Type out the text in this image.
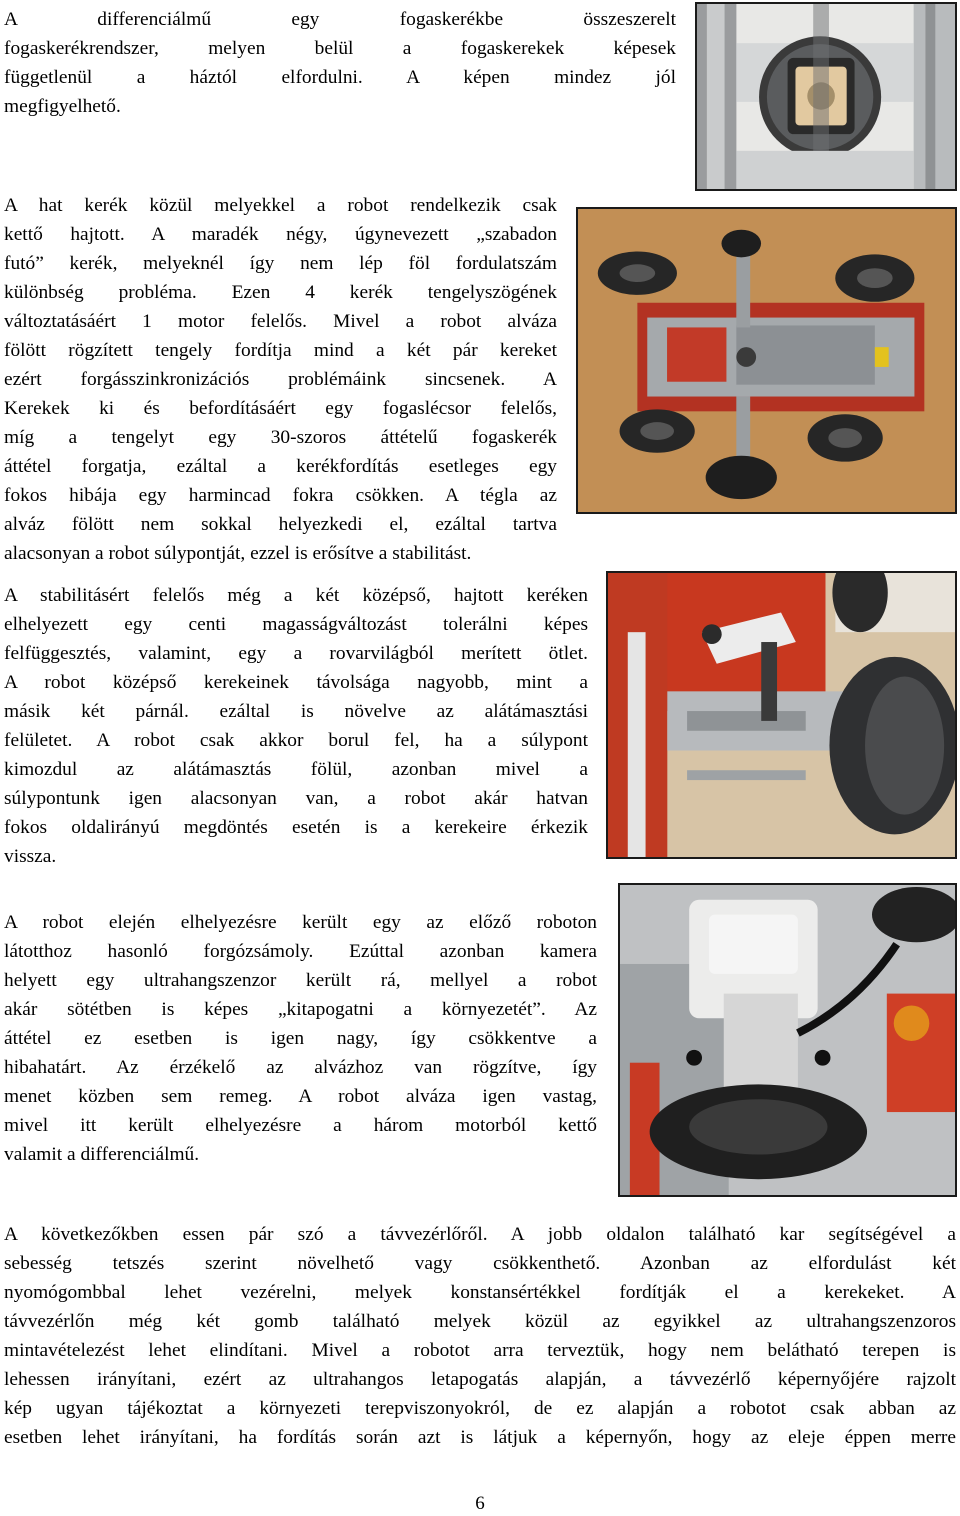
A differenciálmű egy fogaskerékbe összeszerelt
fogaskerékrendszer, melyen belül a fogaskerekek képesek
függetlenül a háztól elfordulni. A képen mindez jól
megfigyelhető.
A hat kerék közül melyekkel a robot rendelkezik csak
kettő hajtott. A maradék négy, úgynevezett „szabadon
futó” kerék, melyeknél így nem lép föl fordulatszám
különbség probléma. Ezen 4 kerék tengelyszögének
változtatásáért 1 motor felelős. Mivel a robot alváza
fölött rögzített tengely fordítja mind a két pár kereket
ezért forgásszinkronizációs problémáink sincsenek. A
Kerekek ki és befordításáért egy fogaslécsor felelős,
míg a tengelyt egy 30-szoros áttételű fogaskerék
áttétel forgatja, ezáltal a kerékfordítás esetleges egy
fokos hibája egy harmincad fokra csökken. A tégla az
alváz fölött nem sokkal helyezkedi el, ezáltal tartva
alacsonyan a robot súlypontját, ezzel is erősítve a stabilitást.
A stabilitásért felelős még a két középső, hajtott keréken
elhelyezett egy centi magasságváltozást tolerálni képes
felfüggesztés, valamint, egy a rovarvilágból merített ötlet.
A robot középső kerekeinek távolsága nagyobb, mint a
másik két párnál. ezáltal is növelve az alátámasztási
felületet. A robot csak akkor borul fel, ha a súlypont
kimozdul az alátámasztás fölül, azonban mivel a
súlypontunk igen alacsonyan van, a robot akár hatvan
fokos oldalirányú megdöntés esetén is a kerekeire érkezik
vissza.
A robot elején elhelyezésre került egy az előző roboton
látotthoz hasonló forgózsámoly. Ezúttal azonban kamera
helyett egy ultrahangszenzor került rá, mellyel a robot
akár sötétben is képes „kitapogatni a környezetét”. Az
áttétel ez esetben is igen nagy, így csökkentve a
hibahatárt. Az érzékelő az alvázhoz van rögzítve, így
menet közben sem remeg. A robot alváza igen vastag,
mivel itt került elhelyezésre a három motorból kettő
valamit a differenciálmű.
A következőkben essen pár szó a távvezérlőről. A jobb oldalon található kar segítségével a
sebesség tetszés szerint növelhető vagy csökkenthető. Azonban az elfordulást két
nyomógombbal lehet vezérelni, melyek konstansértékkel fordítják el a kerekeket. A
távvezérlőn még két gomb található melyek közül az egyikkel az ultrahangszenzoros
mintavételezést lehet elindítani. Mivel a robotot arra terveztük, hogy nem belátható terepen is
lehessen irányítani, ezért az ultrahangos letapogatás alapján, a távvezérlő képernyőjére rajzolt
kép ugyan tájékoztat a környezeti terepviszonyokról, de ez alapján a robotot csak abban az
esetben lehet irányítani, ha fordítás során azt is látjuk a képernyőn, hogy az eleje éppen merre
6
